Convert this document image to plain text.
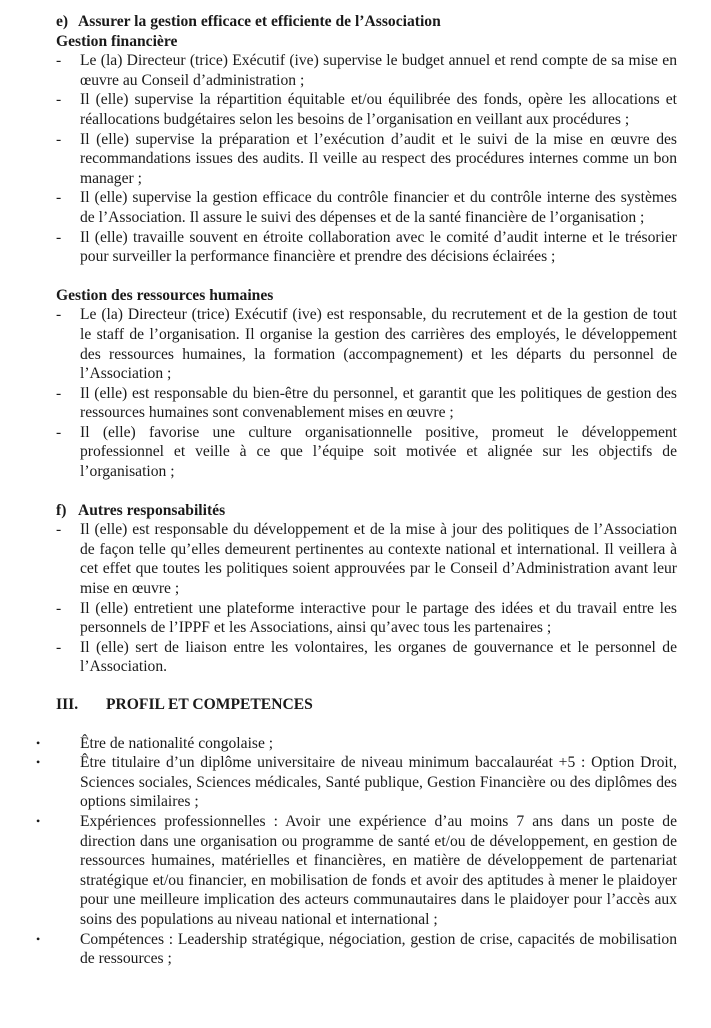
e) Assurer la gestion efficace et efficiente de l’Association
Gestion financière
- Le (la) Directeur (trice) Exécutif (ive) supervise le budget annuel et rend compte de sa mise en œuvre au Conseil d’administration ;
- Il (elle) supervise la répartition équitable et/ou équilibrée des fonds, opère les allocations et réallocations budgétaires selon les besoins de l’organisation en veillant aux procédures ;
- Il (elle) supervise la préparation et l’exécution d’audit et le suivi de la mise en œuvre des recommandations issues des audits. Il veille au respect des procédures internes comme un bon manager ;
- Il (elle) supervise la gestion efficace du contrôle financier et du contrôle interne des systèmes de l’Association. Il assure le suivi des dépenses et de la santé financière de l’organisation ;
- Il (elle) travaille souvent en étroite collaboration avec le comité d’audit interne et le trésorier pour surveiller la performance financière et prendre des décisions éclairées ;
Gestion des ressources humaines
- Le (la) Directeur (trice) Exécutif (ive) est responsable, du recrutement et de la gestion de tout le staff de l’organisation. Il organise la gestion des carrières des employés, le développement des ressources humaines, la formation (accompagnement) et les départs du personnel de l’Association ;
- Il (elle) est responsable du bien-être du personnel, et garantit que les politiques de gestion des ressources humaines sont convenablement mises en œuvre ;
- Il (elle) favorise une culture organisationnelle positive, promeut le développement professionnel et veille à ce que l’équipe soit motivée et alignée sur les objectifs de l’organisation ;
f) Autres responsabilités
- Il (elle) est responsable du développement et de la mise à jour des politiques de l’Association de façon telle qu’elles demeurent pertinentes au contexte national et international. Il veillera à cet effet que toutes les politiques soient approuvées par le Conseil d’Administration avant leur mise en œuvre ;
- Il (elle) entretient une plateforme interactive pour le partage des idées et du travail entre les personnels de l’IPPF et les Associations, ainsi qu’avec tous les partenaires ;
- Il (elle) sert de liaison entre les volontaires, les organes de gouvernance et le personnel de l’Association.
III. PROFIL ET COMPETENCES
• Être de nationalité congolaise ;
• Être titulaire d’un diplôme universitaire de niveau minimum baccalauréat +5 : Option Droit, Sciences sociales, Sciences médicales, Santé publique, Gestion Financière ou des diplômes des options similaires ;
• Expériences professionnelles : Avoir une expérience d’au moins 7 ans dans un poste de direction dans une organisation ou programme de santé et/ou de développement, en gestion de ressources humaines, matérielles et financières, en matière de développement de partenariat stratégique et/ou financier, en mobilisation de fonds et avoir des aptitudes à mener le plaidoyer pour une meilleure implication des acteurs communautaires dans le plaidoyer pour l’accès aux soins des populations au niveau national et international ;
• Compétences : Leadership stratégique, négociation, gestion de crise, capacités de mobilisation de ressources ;
